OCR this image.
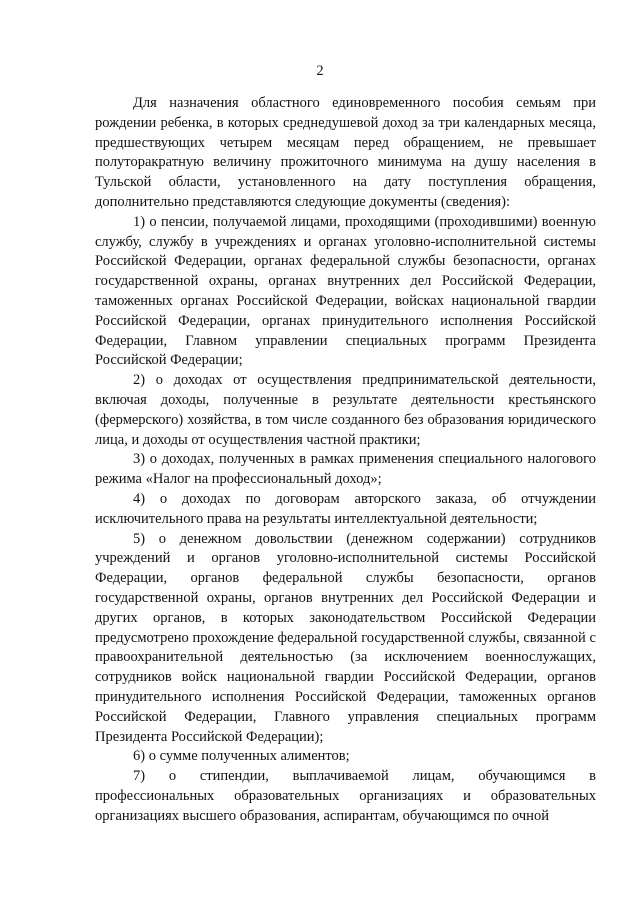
2

Для назначения областного единовременного пособия семьям при рождении ребенка, в которых среднедушевой доход за три календарных месяца, предшествующих четырем месяцам перед обращением, не превышает полуторакратную величину прожиточного минимума на душу населения в Тульской области, установленного на дату поступления обращения, дополнительно представляются следующие документы (сведения):

1) о пенсии, получаемой лицами, проходящими (проходившими) военную службу, службу в учреждениях и органах уголовно-исполнительной системы Российской Федерации, органах федеральной службы безопасности, органах государственной охраны, органах внутренних дел Российской Федерации, таможенных органах Российской Федерации, войсках национальной гвардии Российской Федерации, органах принудительного исполнения Российской Федерации, Главном управлении специальных программ Президента Российской Федерации;

2) о доходах от осуществления предпринимательской деятельности, включая доходы, полученные в результате деятельности крестьянского (фермерского) хозяйства, в том числе созданного без образования юридического лица, и доходы от осуществления частной практики;

3) о доходах, полученных в рамках применения специального налогового режима «Налог на профессиональный доход»;

4) о доходах по договорам авторского заказа, об отчуждении исключительного права на результаты интеллектуальной деятельности;

5) о денежном довольствии (денежном содержании) сотрудников учреждений и органов уголовно-исполнительной системы Российской Федерации, органов федеральной службы безопасности, органов государственной охраны, органов внутренних дел Российской Федерации и других органов, в которых законодательством Российской Федерации предусмотрено прохождение федеральной государственной службы, связанной с правоохранительной деятельностью (за исключением военнослужащих, сотрудников войск национальной гвардии Российской Федерации, органов принудительного исполнения Российской Федерации, таможенных органов Российской Федерации, Главного управления специальных программ Президента Российской Федерации);

6) о сумме полученных алиментов;

7) о стипендии, выплачиваемой лицам, обучающимся в профессиональных образовательных организациях и образовательных организациях высшего образования, аспирантам, обучающимся по очной
